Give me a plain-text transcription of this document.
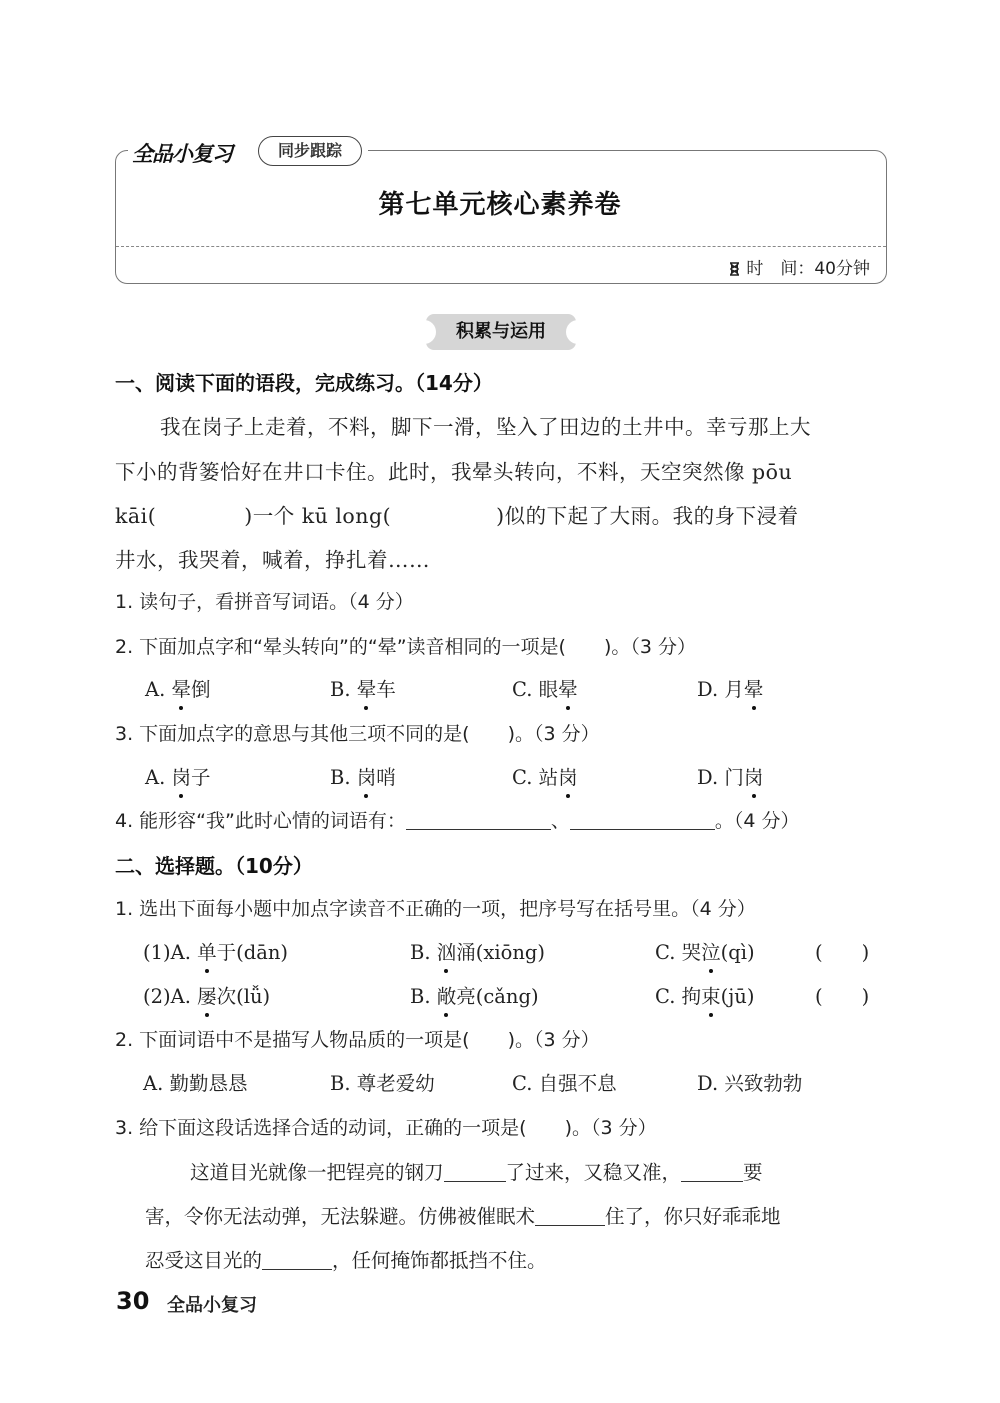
全品小复习	同步跟踪
第七单元核心素养卷
时　间：40分钟
积累与运用
一、阅读下面的语段，完成练习。（14分）
我在岗子上走着，不料，脚下一滑，坠入了田边的土井中。幸亏那上大
下小的背篓恰好在井口卡住。此时，我晕头转向，不料，天空突然像 pōu
kāi(	)一个 kū long(	)似的下起了大雨。我的身下浸着
井水，我哭着，喊着，挣扎着……
1. 读句子，看拼音写词语。（4 分）
2. 下面加点字和“晕头转向”的“晕”读音相同的一项是(　　)。（3 分）
A. 晕倒	B. 晕车	C. 眼晕	D. 月晕
3. 下面加点字的意思与其他三项不同的是(　　)。（3 分）
A. 岗子	B. 岗哨	C. 站岗	D. 门岗
4. 能形容“我”此时心情的词语有：	、	。（4 分）
二、选择题。（10分）
1. 选出下面每小题中加点字读音不正确的一项，把序号写在括号里。（4 分）
(1)A. 单于(dān)	B. 汹涌(xiōng)	C. 哭泣(qì)	(　　)
(2)A. 屡次(lǚ)	B. 敞亮(cǎng)	C. 拘束(jū)	(　　)
2. 下面词语中不是描写人物品质的一项是(　　)。（3 分）
A. 勤勤恳恳	B. 尊老爱幼	C. 自强不息	D. 兴致勃勃
3. 给下面这段话选择合适的动词，正确的一项是(　　)。（3 分）
这道目光就像一把锃亮的钢刀	了过来，又稳又准，	要
害，令你无法动弹，无法躲避。仿佛被催眠术	住了，你只好乖乖地
忍受这目光的	，任何掩饰都抵挡不住。
30 全品小复习
